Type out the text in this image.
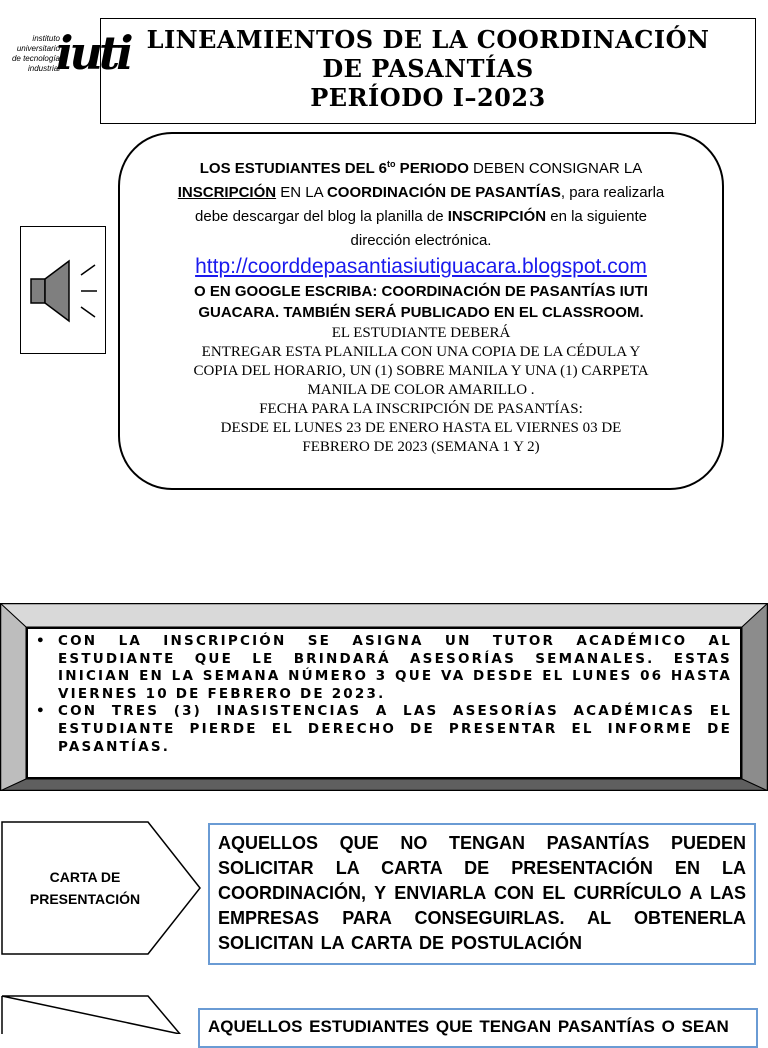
instituto
universitario
de tecnología
industrial
iuti LINEAMIENTOS DE LA COORDINACIÓN
DE PASANTÍAS
PERÍODO I–2023
LOS ESTUDIANTES DEL $6^{to}$ PERIODO DEBEN CONSIGNAR LA
INSCRIPCIÓN EN LA COORDINACIÓN DE PASANTÍAS, para realizarla
debe descargar del blog la planilla de INSCRIPCIÓN en la siguiente
dirección electrónica.
http://coorddepasantiasiutiguacara.blogspot.com
O EN GOOGLE ESCRIBA: COORDINACIÓN DE PASANTÍAS IUTI
GUACARA. TAMBIÉN SERÁ PUBLICADO EN EL CLASSROOM.
EL ESTUDIANTE DEBERÁ
ENTREGAR ESTA PLANILLA CON UNA COPIA DE LA CÉDULA Y
COPIA DEL HORARIO, UN (1) SOBRE MANILA Y UNA (1) CARPETA
MANILA DE COLOR AMARILLO .
FECHA PARA LA INSCRIPCIÓN DE PASANTÍAS:
DESDE EL LUNES 23 DE ENERO HASTA EL VIERNES 03 DE
FEBRERO DE 2023 (SEMANA 1 Y 2)
• CON LA INSCRIPCIÓN SE ASIGNA UN TUTOR ACADÉMICO AL ESTUDIANTE QUE LE BRINDARÁ ASESORÍAS SEMANALES. ESTAS INICIAN EN LA SEMANA NÚMERO 3 QUE VA DESDE EL LUNES 06 HASTA VIERNES 10 DE FEBRERO DE 2023.
• CON TRES (3) INASISTENCIAS A LAS ASESORÍAS ACADÉMICAS EL ESTUDIANTE PIERDE EL DERECHO DE PRESENTAR EL INFORME DE PASANTÍAS.
CARTA DE
PRESENTACIÓN

AQUELLOS QUE NO TENGAN PASANTÍAS PUEDEN SOLICITAR LA CARTA DE PRESENTACIÓN EN LA COORDINACIÓN, Y ENVIARLA CON EL CURRÍCULO A LAS EMPRESAS PARA CONSEGUIRLAS. AL OBTENERLA SOLICITAN LA CARTA DE POSTULACIÓN

AQUELLOS ESTUDIANTES QUE TENGAN PASANTÍAS O SEAN
